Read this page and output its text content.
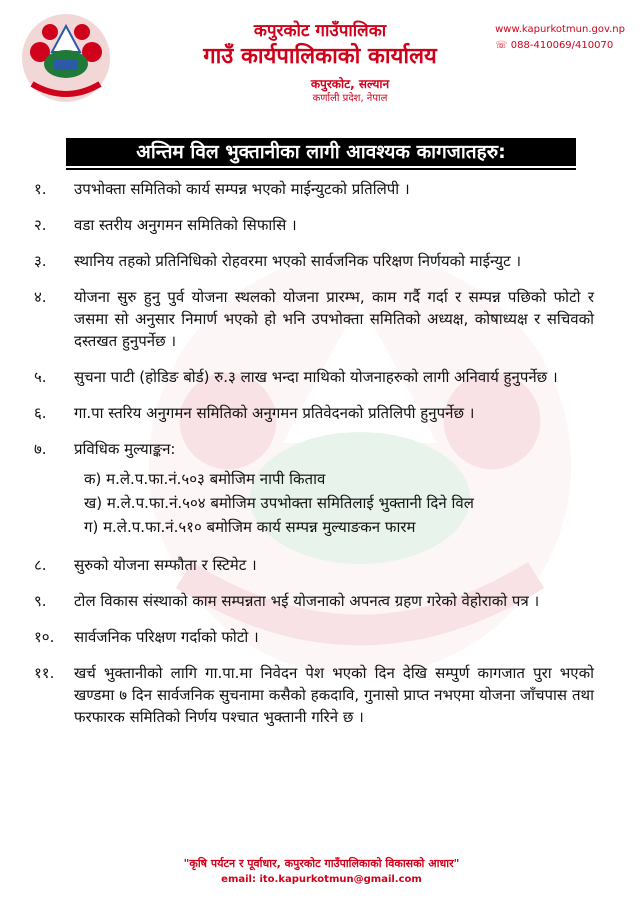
कपुरकोट गाउँपालिका
गाउँ कार्यपालिकाको कार्यालय
कपुरकोट, सल्यान
कर्णाली प्रदेश, नेपाल
www.kapurkotmun.gov.np
☏ 088-410069/410070
अन्तिम विल भुक्तानीका लागी आवश्यक कागजातहरु:
१.	उपभोक्ता समितिको कार्य सम्पन्न भएको माईन्युटको प्रतिलिपी ।
२.	वडा स्तरीय अनुगमन समितिको सिफासि ।
३.	स्थानिय तहको प्रतिनिधिको रोहवरमा भएको सार्वजनिक परिक्षण निर्णयको माईन्युट ।
४.	योजना सुरु हुनु पुर्व योजना स्थलको योजना प्रारम्भ, काम गर्दै गर्दा र सम्पन्न पछिको फोटो र जसमा सो अनुसार निमार्ण भएको हो भनि उपभोक्ता समितिको अध्यक्ष, कोषाध्यक्ष र सचिवको दस्तखत हुनुपर्नेछ ।
५.	सुचना पाटी (होडिङ बोर्ड) रु.३ लाख भन्दा माथिको योजनाहरुको लागी अनिवार्य हुनुपर्नेछ ।
६.	गा.पा स्तरिय अनुगमन समितिको अनुगमन प्रतिवेदनको प्रतिलिपी हुनुपर्नेछ ।
७.	प्रविधिक मुल्याङ्कन:
क) म.ले.प.फा.नं.५०३ बमोजिम नापी किताव
ख) म.ले.प.फा.नं.५०४ बमोजिम उपभोक्ता समितिलाई भुक्तानी दिने विल
ग) म.ले.प.फा.नं.५१० बमोजिम कार्य सम्पन्न मुल्याङकन फारम
८.	सुरुको योजना सम्फौता र स्टिमेट ।
९.	टोल विकास संस्थाको काम सम्पन्नता भई योजनाको अपनत्व ग्रहण गरेको वेहोराको पत्र ।
१०.	सार्वजनिक परिक्षण गर्दाको फोटो ।
११.	खर्च भुक्तानीको लागि गा.पा.मा निवेदन पेश भएको दिन देखि सम्पुर्ण कागजात पुरा भएको खण्डमा ७ दिन सार्वजनिक सुचनामा कसैको हकदावि, गुनासो प्राप्त नभएमा योजना जाँचपास तथा फरफारक समितिको निर्णय पश्चात भुक्तानी गरिने छ ।
"कृषि पर्यटन र पूर्वाधार, कपुरकोट गाउँपालिकाको विकासको आधार"
email: ito.kapurkotmun@gmail.com
